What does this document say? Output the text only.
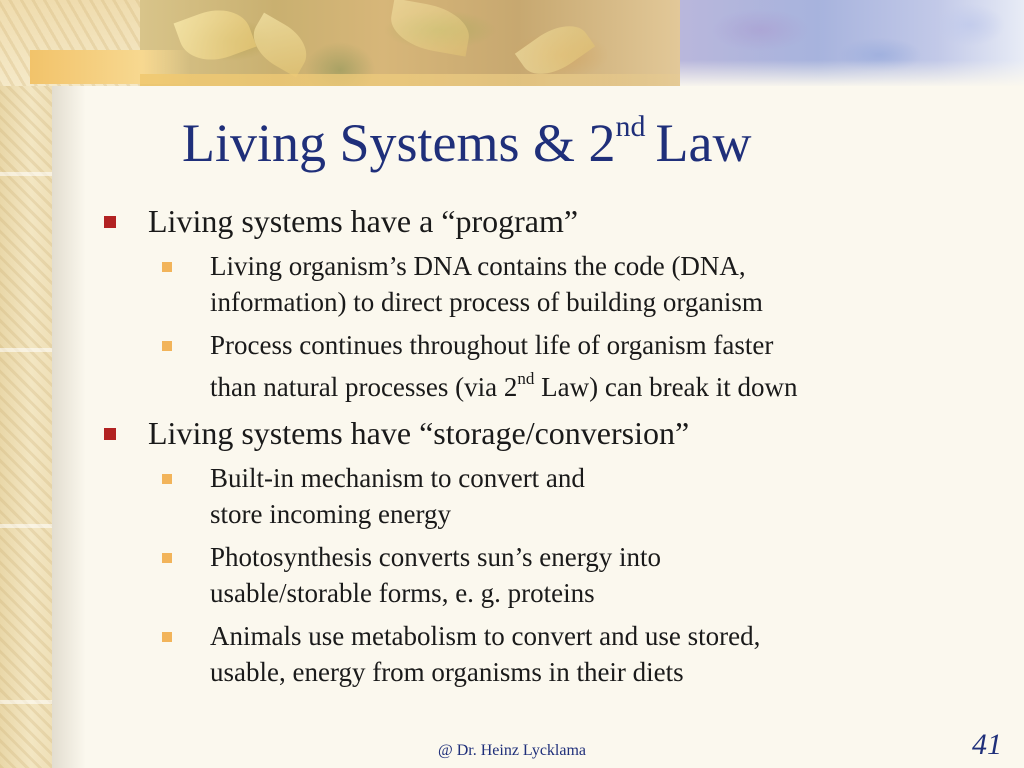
Living Systems & 2nd Law
Living systems have a “program”
Living organism’s DNA contains the code (DNA,
information) to direct process of building organism
Process continues throughout life of organism faster
than natural processes (via 2nd Law) can break it down
Living systems have “storage/conversion”
Built-in mechanism to convert and
store incoming energy
Photosynthesis converts sun’s energy into
usable/storable forms, e. g. proteins
Animals use metabolism to convert and use stored,
usable, energy from organisms in their diets
@ Dr. Heinz Lycklama	41
